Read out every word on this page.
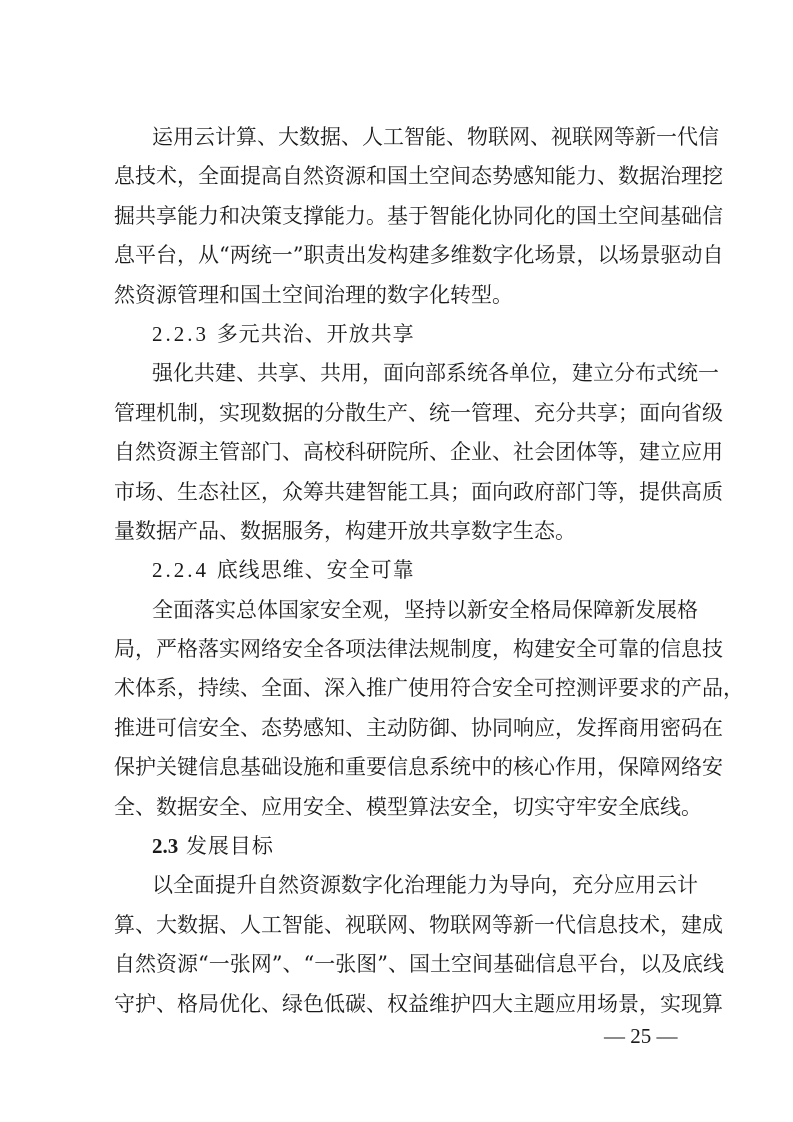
运用云计算、大数据、人工智能、物联网、视联网等新一代信
息技术，全面提高自然资源和国土空间态势感知能力、数据治理挖
掘共享能力和决策支撑能力。基于智能化协同化的国土空间基础信
息平台，从“两统一”职责出发构建多维数字化场景，以场景驱动自
然资源管理和国土空间治理的数字化转型。
2.2.3 多元共治、开放共享
强化共建、共享、共用，面向部系统各单位，建立分布式统一
管理机制，实现数据的分散生产、统一管理、充分共享；面向省级
自然资源主管部门、高校科研院所、企业、社会团体等，建立应用
市场、生态社区，众筹共建智能工具；面向政府部门等，提供高质
量数据产品、数据服务，构建开放共享数字生态。
2.2.4 底线思维、安全可靠
全面落实总体国家安全观，坚持以新安全格局保障新发展格
局，严格落实网络安全各项法律法规制度，构建安全可靠的信息技
术体系，持续、全面、深入推广使用符合安全可控测评要求的产品，
推进可信安全、态势感知、主动防御、协同响应，发挥商用密码在
保护关键信息基础设施和重要信息系统中的核心作用，保障网络安
全、数据安全、应用安全、模型算法安全，切实守牢安全底线。
2.3 发展目标
以全面提升自然资源数字化治理能力为导向，充分应用云计
算、大数据、人工智能、视联网、物联网等新一代信息技术，建成
自然资源“一张网”、“一张图”、国土空间基础信息平台，以及底线
守护、格局优化、绿色低碳、权益维护四大主题应用场景，实现算
— 25 —
